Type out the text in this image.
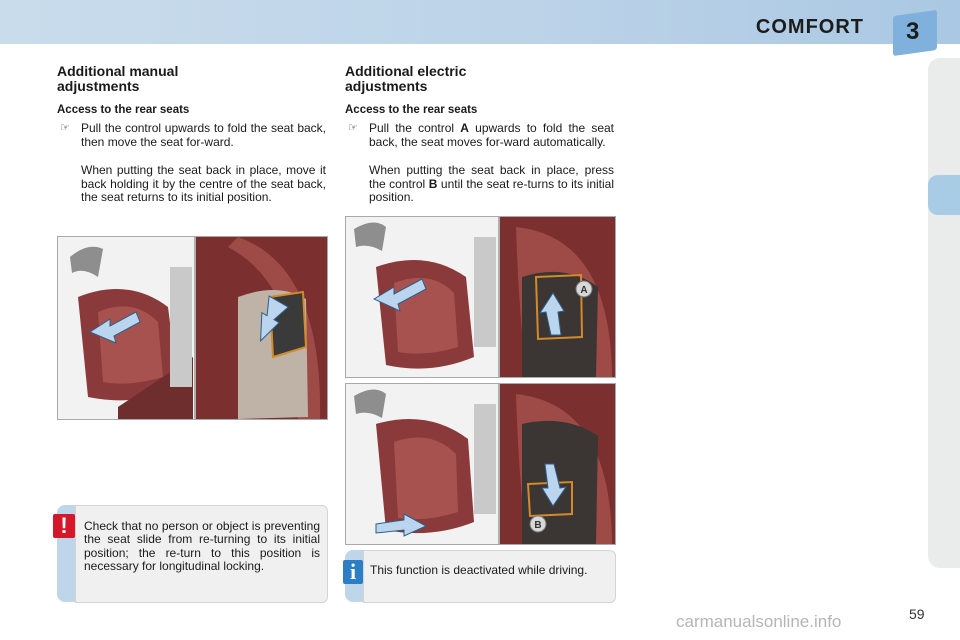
COMFORT 3
Additional manual
adjustments
Access to the rear seats
☞ Pull the control upwards to fold the seat back, then move the seat for-ward.
When putting the seat back in place, move it back holding it by the centre of the seat back, the seat returns to its initial position.
Additional electric
adjustments
Access to the rear seats
☞ Pull the control A upwards to fold the seat back, the seat moves for-ward automatically.
When putting the seat back in place, press the control B until the seat re-turns to its initial position.
A
B
!	Check that no person or object is preventing the seat slide from re-turning to its initial position; the re-turn to this position is necessary for longitudinal locking.	i	This function is deactivated while driving.
59
carmanualsonline.info
